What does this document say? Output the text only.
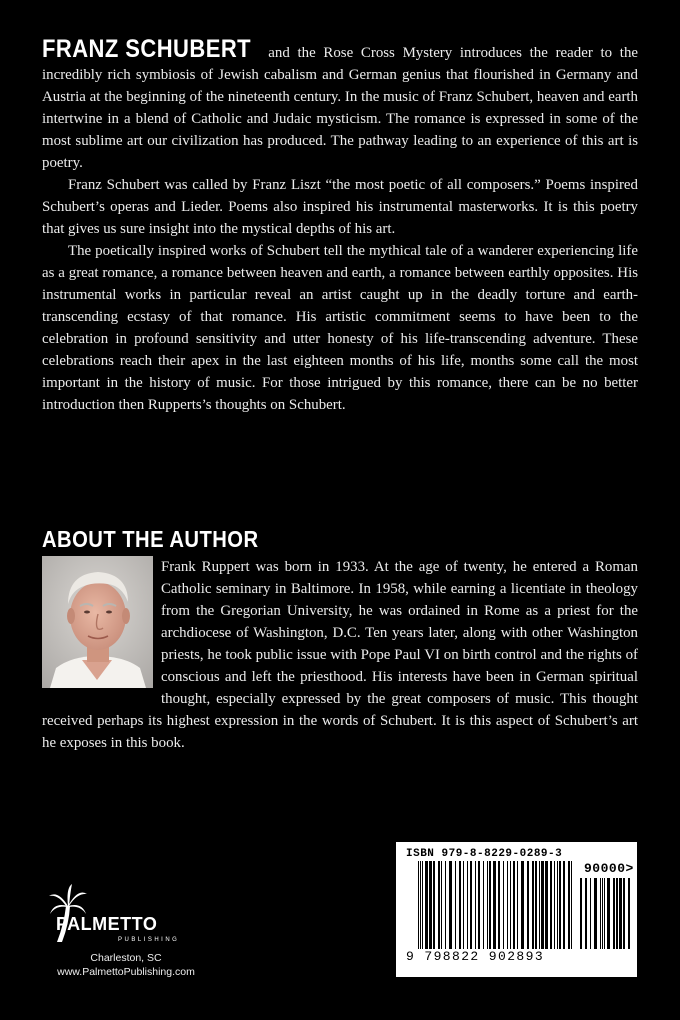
FRANZ SCHUBERT and the Rose Cross Mystery introduces the reader to the incredibly rich symbiosis of Jewish cabalism and German genius that flourished in Germany and Austria at the beginning of the nineteenth century. In the music of Franz Schubert, heaven and earth intertwine in a blend of Catholic and Judaic mysticism. The romance is expressed in some of the most sublime art our civilization has produced. The pathway leading to an experience of this art is poetry.

Franz Schubert was called by Franz Liszt “the most poetic of all composers.” Poems inspired Schubert’s operas and Lieder. Poems also inspired his instrumental masterworks. It is this poetry that gives us sure insight into the mystical depths of his art.

The poetically inspired works of Schubert tell the mythical tale of a wanderer experiencing life as a great romance, a romance between heaven and earth, a romance between earthly opposites. His instrumental works in particular reveal an artist caught up in the deadly torture and earth-transcending ecstasy of that romance. His artistic commitment seems to have been to the celebration in profound sensitivity and utter honesty of his life-transcending adventure. These celebrations reach their apex in the last eighteen months of his life, months some call the most important in the history of music. For those intrigued by this romance, there can be no better introduction then Rupperts’s thoughts on Schubert.

ABOUT THE AUTHOR

Frank Ruppert was born in 1933. At the age of twenty, he entered a Roman Catholic seminary in Baltimore. In 1958, while earning a licentiate in theology from the Gregorian University, he was ordained in Rome as a priest for the archdiocese of Washington, D.C. Ten years later, along with other Washington priests, he took public issue with Pope Paul VI on birth control and the rights of conscious and left the priesthood. His interests have been in German spiritual thought, especially expressed by the great composers of music. This thought received perhaps its highest expression in the words of Schubert. It is this aspect of Schubert’s art he exposes in this book.

PALMETTO
PUBLISHING
Charleston, SC
www.PalmettoPublishing.com
ISBN 979-8-8229-0289-3
90000>
9 798822 902893
